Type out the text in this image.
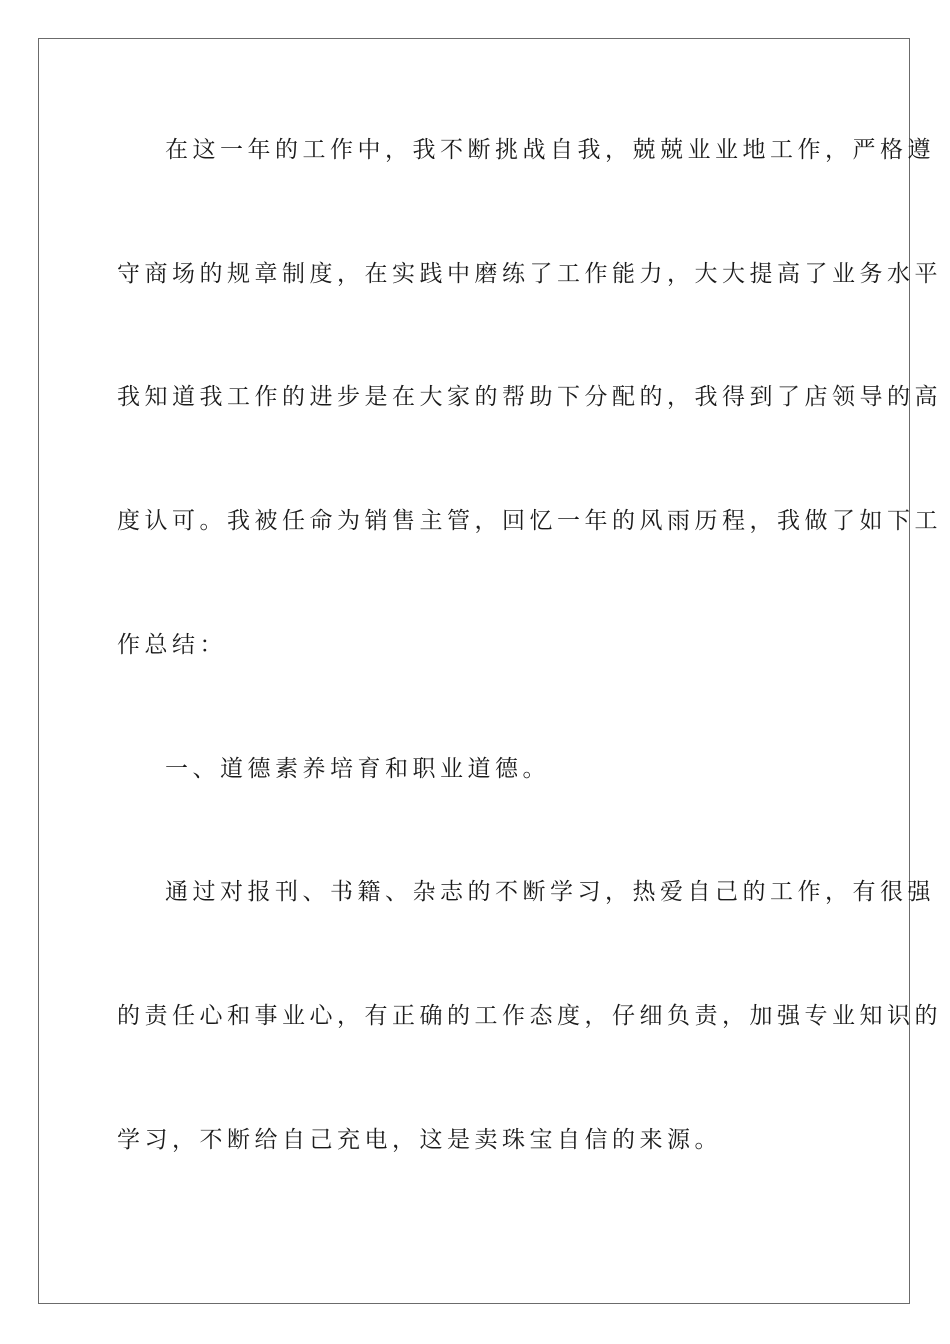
在这一年的工作中，我不断挑战自我，兢兢业业地工作，严格遵
守商场的规章制度，在实践中磨练了工作能力，大大提高了业务水平
我知道我工作的进步是在大家的帮助下分配的，我得到了店领导的高
度认可。我被任命为销售主管，回忆一年的风雨历程，我做了如下工
作总结：
一、道德素养培育和职业道德。
通过对报刊、书籍、杂志的不断学习，热爱自己的工作，有很强
的责任心和事业心，有正确的工作态度，仔细负责，加强专业知识的
学习，不断给自己充电，这是卖珠宝自信的来源。
